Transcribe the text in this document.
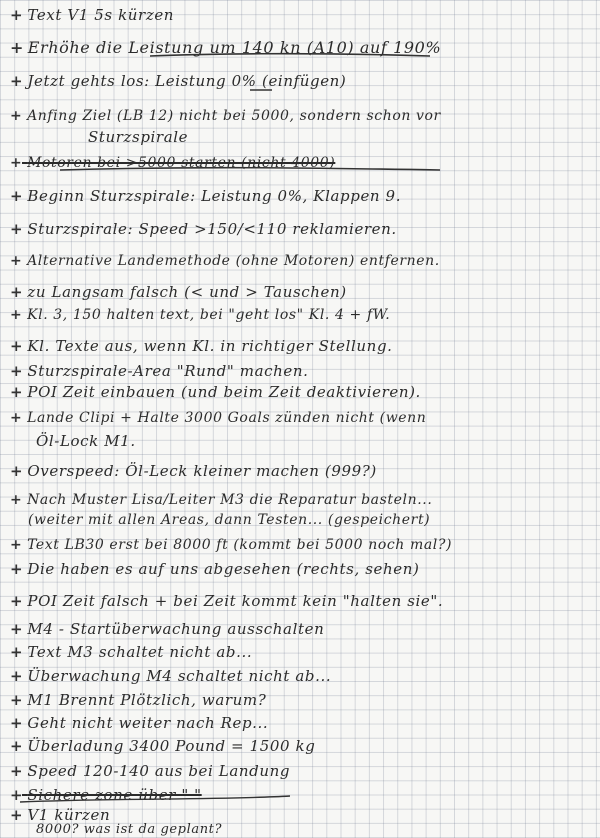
+ Text V1 5s kürzen
+ Erhöhe die Leistung um 140 kn (A10) auf 190%
+ Jetzt gehts los: Leistung 0% (einfügen)
+ Anfing Ziel (LB 12) nicht bei 5000, sondern schon vor
Sturzspirale
+ Motoren bei >5000 starten (nicht 4000)
+ Beginn Sturzspirale: Leistung 0%, Klappen 9.
+ Sturzspirale: Speed >150/<110 reklamieren.
+ Alternative Landemethode (ohne Motoren) entfernen.
+ zu Langsam falsch (< und > Tauschen)
+ Kl. 3, 150 halten text, bei "geht los" Kl. 4 + fW.
+ Kl. Texte aus, wenn Kl. in richtiger Stellung.
+ Sturzspirale-Area "Rund" machen.
+ POI Zeit einbauen (und beim Zeit deaktivieren).
+ Lande Clipi + Halte 3000 Goals zünden nicht (wenn
Öl-Lock M1.
+ Overspeed: Öl-Leck kleiner machen (999?)
+ Nach Muster Lisa/Leiter M3 die Reparatur basteln...
(weiter mit allen Areas, dann Testen... (gespeichert)
+ Text LB30 erst bei 8000 ft (kommt bei 5000 noch mal?)
+ Die haben es auf uns abgesehen (rechts, sehen)
+ POI Zeit falsch + bei Zeit kommt kein "halten sie".
+ M4 - Startüberwachung ausschalten
+ Text M3 schaltet nicht ab...
+ Überwachung M4 schaltet nicht ab...
+ M1 Brennt Plötzlich, warum?
+ Geht nicht weiter nach Rep...
+ Überladung 3400 Pound = 1500 kg
+ Speed 120-140 aus bei Landung
+ Sichere zone über " "
+ V1 kürzen
8000? was ist da geplant?
